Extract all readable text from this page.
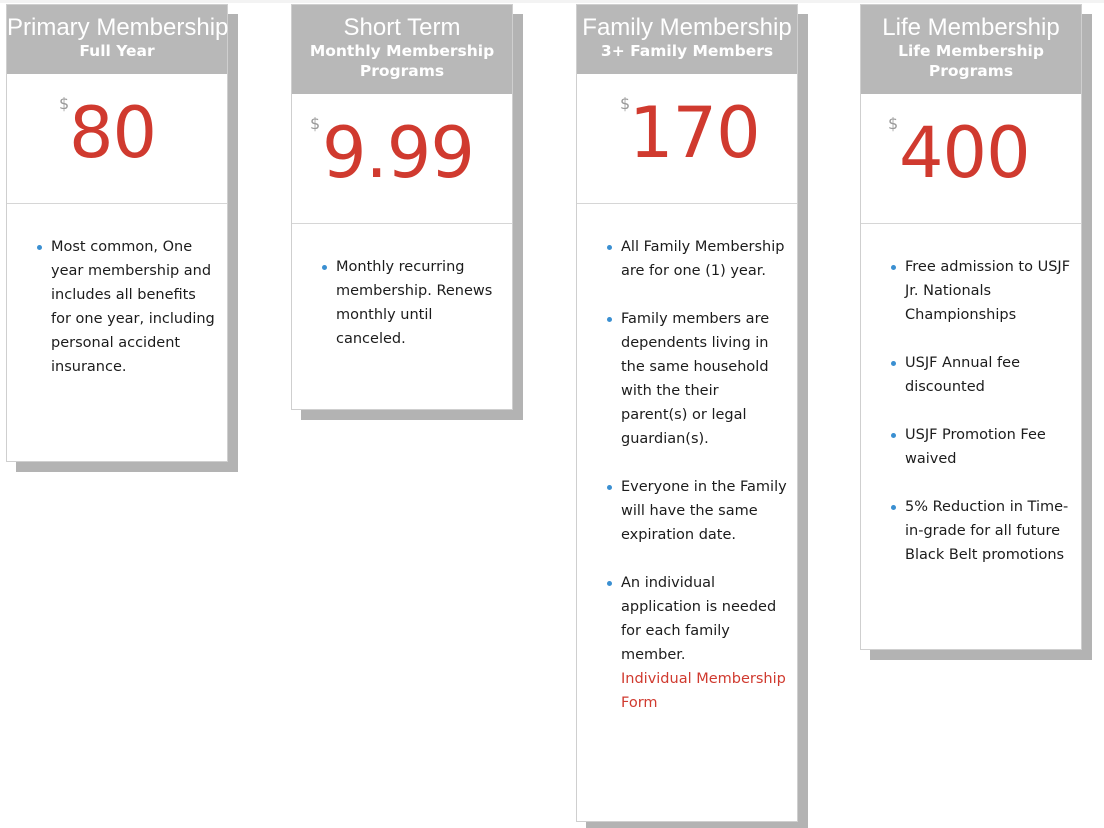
Primary Membership
Full Year
$ 80
Most common, One year membership and includes all benefits for one year, including personal accident insurance.
Short Term
Monthly Membership Programs
$ 9.99
Monthly recurring membership. Renews monthly until canceled.
Family Membership
3+ Family Members
$
170
All Family Membership are for one (1) year.
Family members are dependents living in the same household with the their parent(s) or legal guardian(s).
Everyone in the Family will have the same expiration date.
An individual application is needed for each family member.
Individual Membership Form
Life Membership
Life Membership Programs
$ 400
Free admission to USJF Jr. Nationals Championships
USJF Annual fee discounted
USJF Promotion Fee waived
5% Reduction in Time-in-grade for all future Black Belt promotions
